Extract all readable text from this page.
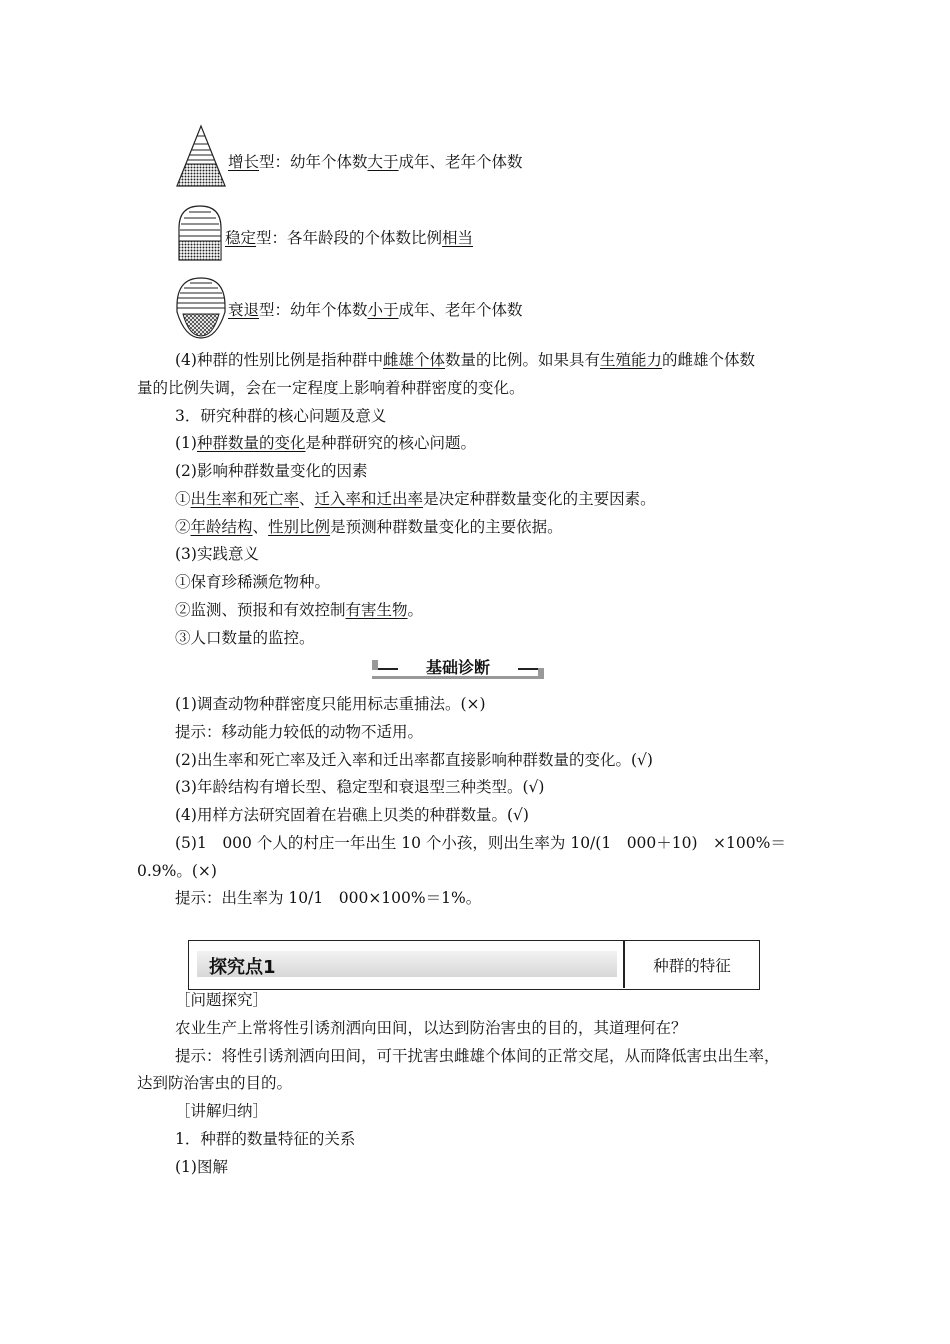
增长型：幼年个体数大于成年、老年个体数
稳定型：各年龄段的个体数比例相当
衰退型：幼年个体数小于成年、老年个体数
(4)种群的性别比例是指种群中雌雄个体数量的比例。如果具有生殖能力的雌雄个体数
量的比例失调，会在一定程度上影响着种群密度的变化。
3．研究种群的核心问题及意义
(1)种群数量的变化是种群研究的核心问题。
(2)影响种群数量变化的因素
①出生率和死亡率、迁入率和迁出率是决定种群数量变化的主要因素。
②年龄结构、性别比例是预测种群数量变化的主要依据。
(3)实践意义
①保育珍稀濒危物种。
②监测、预报和有效控制有害生物。
③人口数量的监控。
基础诊断
(1)调查动物种群密度只能用标志重捕法。(×)
提示：移动能力较低的动物不适用。
(2)出生率和死亡率及迁入率和迁出率都直接影响种群数量的变化。(√)
(3)年龄结构有增长型、稳定型和衰退型三种类型。(√)
(4)用样方法研究固着在岩礁上贝类的种群数量。(√)
(5)1　000 个人的村庄一年出生 10 个小孩，则出生率为 10/(1　000＋10)　×100%＝
0.9%。(×)
提示：出生率为 10/1　000×100%＝1%。
探究点1	种群的特征
［问题探究］
农业生产上常将性引诱剂洒向田间，以达到防治害虫的目的，其道理何在？
提示：将性引诱剂洒向田间，可干扰害虫雌雄个体间的正常交尾，从而降低害虫出生率，
达到防治害虫的目的。
［讲解归纳］
1．种群的数量特征的关系
(1)图解
